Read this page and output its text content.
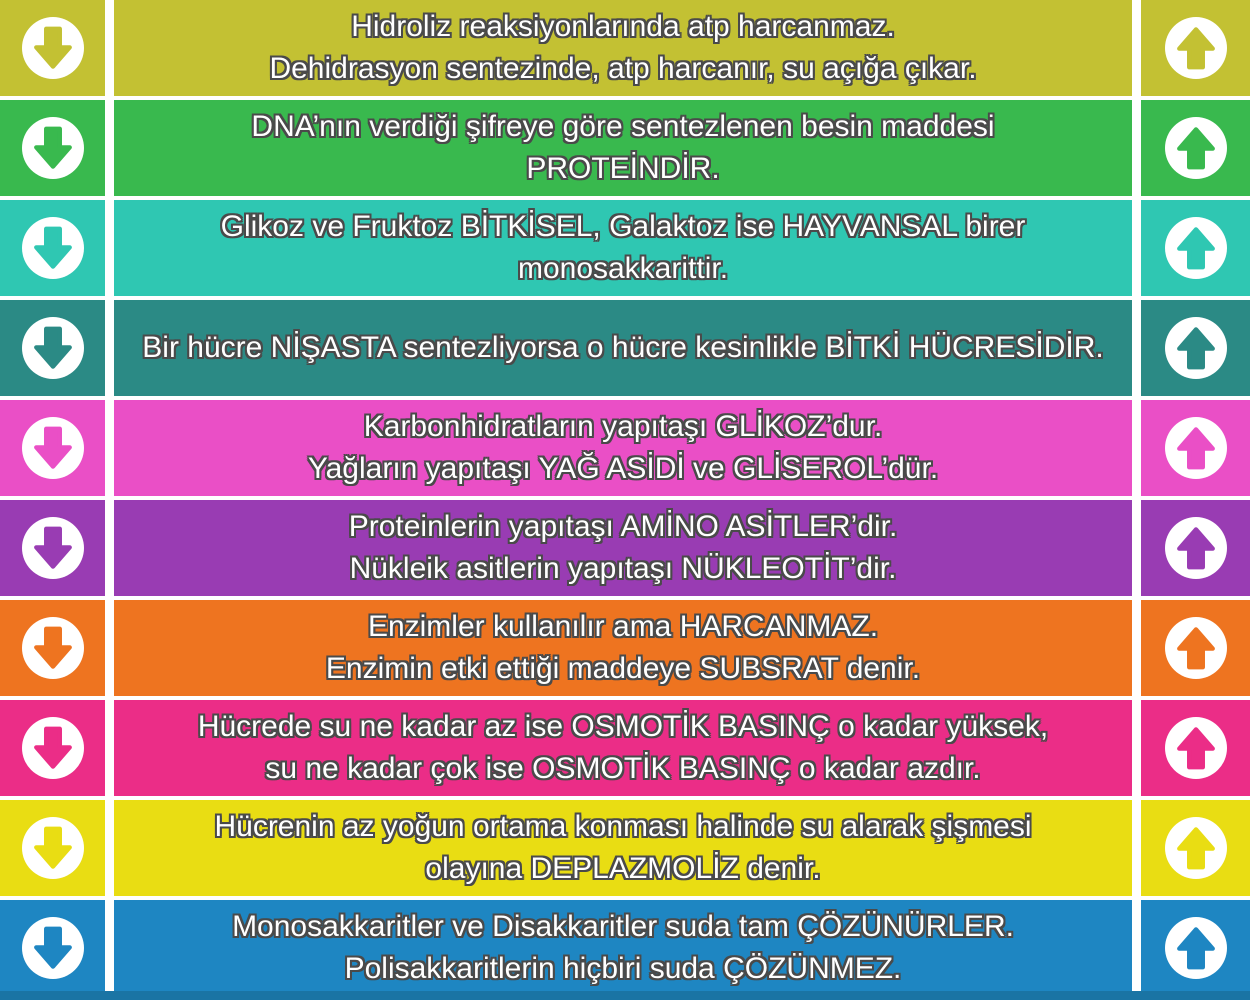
Hidroliz reaksiyonlarında atp harcanmaz.
Dehidrasyon sentezinde, atp harcanır, su açığa çıkar.
DNA’nın verdiği şifreye göre sentezlenen besin maddesi
PROTEİNDİR.
Glikoz ve Fruktoz BİTKİSEL, Galaktoz ise HAYVANSAL birer
monosakkarittir.
Bir hücre NİŞASTA sentezliyorsa o hücre kesinlikle BİTKİ HÜCRESİDİR.
Karbonhidratların yapıtaşı GLİKOZ’dur.
Yağların yapıtaşı YAĞ ASİDİ ve GLİSEROL’dür.
Proteinlerin yapıtaşı AMİNO ASİTLER’dir.
Nükleik asitlerin yapıtaşı NÜKLEOTİT’dir.
Enzimler kullanılır ama HARCANMAZ.
Enzimin etki ettiği maddeye SUBSRAT denir.
Hücrede su ne kadar az ise OSMOTİK BASINÇ o kadar yüksek,
su ne kadar çok ise OSMOTİK BASINÇ o kadar azdır.
Hücrenin az yoğun ortama konması halinde su alarak şişmesi
olayına DEPLAZMOLİZ denir.
Monosakkaritler ve Disakkaritler suda tam ÇÖZÜNÜRLER.
Polisakkaritlerin hiçbiri suda ÇÖZÜNMEZ.
